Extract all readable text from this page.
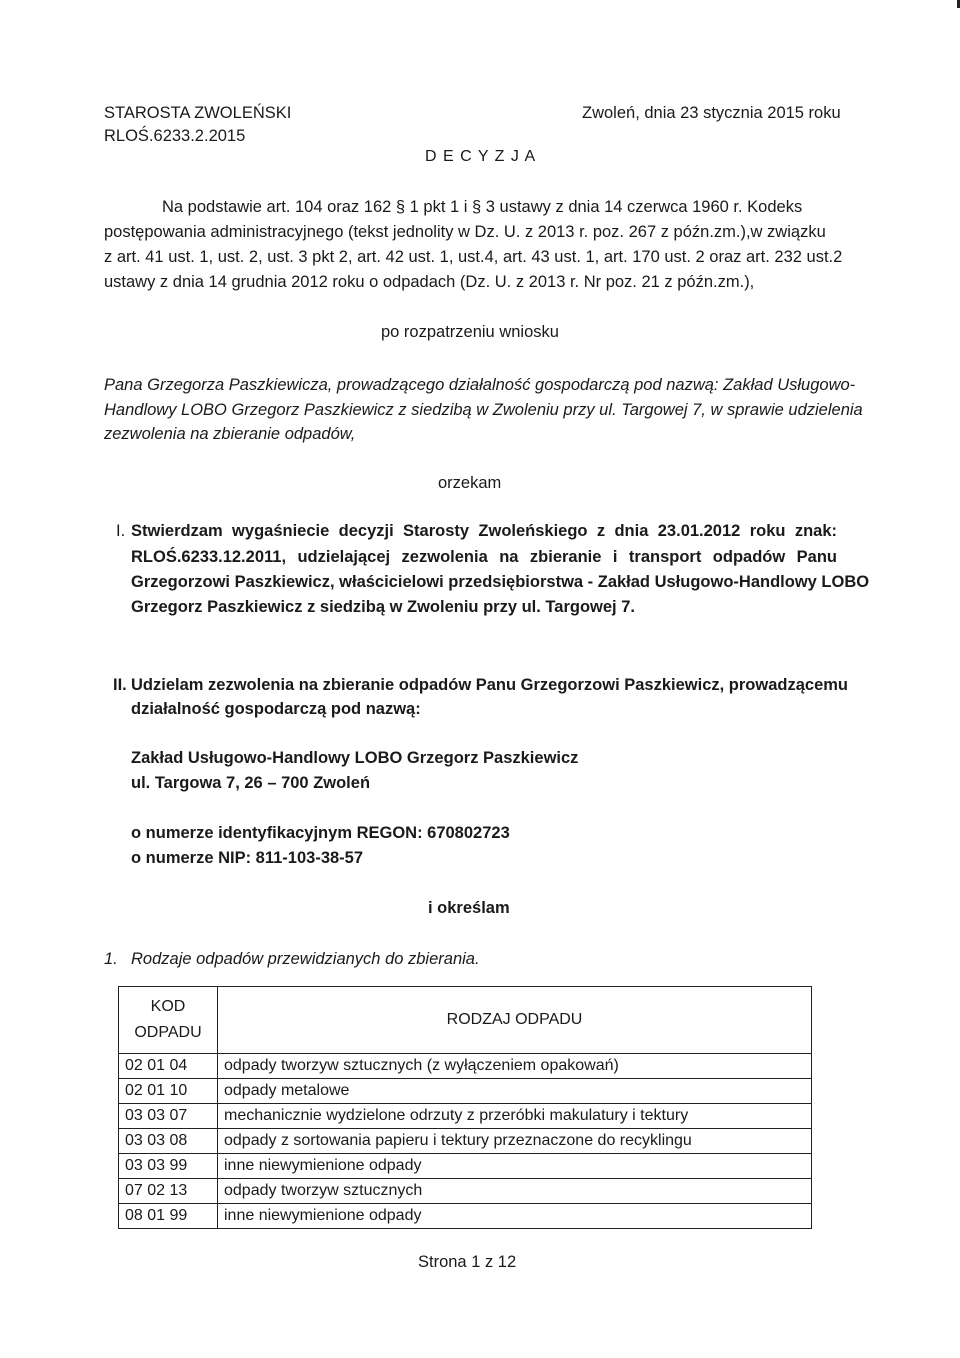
STAROSTA ZWOLEŃSKI
RLOŚ.6233.2.2015
Zwoleń, dnia 23 stycznia 2015 roku
D E C Y Z J A
Na podstawie art. 104 oraz 162 § 1 pkt 1 i § 3 ustawy z dnia 14 czerwca 1960 r. Kodeks
postępowania administracyjnego (tekst jednolity w Dz. U. z 2013 r. poz. 267 z późn.zm.),w związku
z art. 41 ust. 1, ust. 2, ust. 3 pkt 2, art. 42 ust. 1, ust.4, art. 43 ust. 1, art. 170 ust. 2 oraz art. 232 ust.2
ustawy z dnia 14 grudnia 2012 roku o odpadach (Dz. U. z 2013 r. Nr poz. 21 z późn.zm.),
po rozpatrzeniu wniosku
Pana Grzegorza Paszkiewicza, prowadzącego działalność gospodarczą pod nazwą: Zakład Usługowo-
Handlowy LOBO Grzegorz Paszkiewicz z siedzibą w Zwoleniu przy ul. Targowej 7, w sprawie udzielenia
zezwolenia na zbieranie odpadów,
orzekam
I. Stwierdzam wygaśniecie decyzji Starosty Zwoleńskiego z dnia 23.01.2012 roku znak:
RLOŚ.6233.12.2011, udzielającej zezwolenia na zbieranie i transport odpadów Panu
Grzegorzowi Paszkiewicz, właścicielowi przedsiębiorstwa - Zakład Usługowo-Handlowy LOBO
Grzegorz Paszkiewicz z siedzibą w Zwoleniu przy ul. Targowej 7.
II. Udzielam zezwolenia na zbieranie odpadów Panu Grzegorzowi Paszkiewicz, prowadzącemu
działalność gospodarczą pod nazwą:
Zakład Usługowo-Handlowy LOBO Grzegorz Paszkiewicz
ul. Targowa 7, 26 – 700 Zwoleń
o numerze identyfikacyjnym REGON: 670802723
o numerze NIP: 811-103-38-57
i określam
1. Rodzaje odpadów przewidzianych do zbierania.
KOD
ODPADU	RODZAJ ODPADU
02 01 04	odpady tworzyw sztucznych (z wyłączeniem opakowań)
02 01 10	odpady metalowe
03 03 07	mechanicznie wydzielone odrzuty z przeróbki makulatury i tektury
03 03 08	odpady z sortowania papieru i tektury przeznaczone do recyklingu
03 03 99	inne niewymienione odpady
07 02 13	odpady tworzyw sztucznych
08 01 99	inne niewymienione odpady
Strona 1 z 12
